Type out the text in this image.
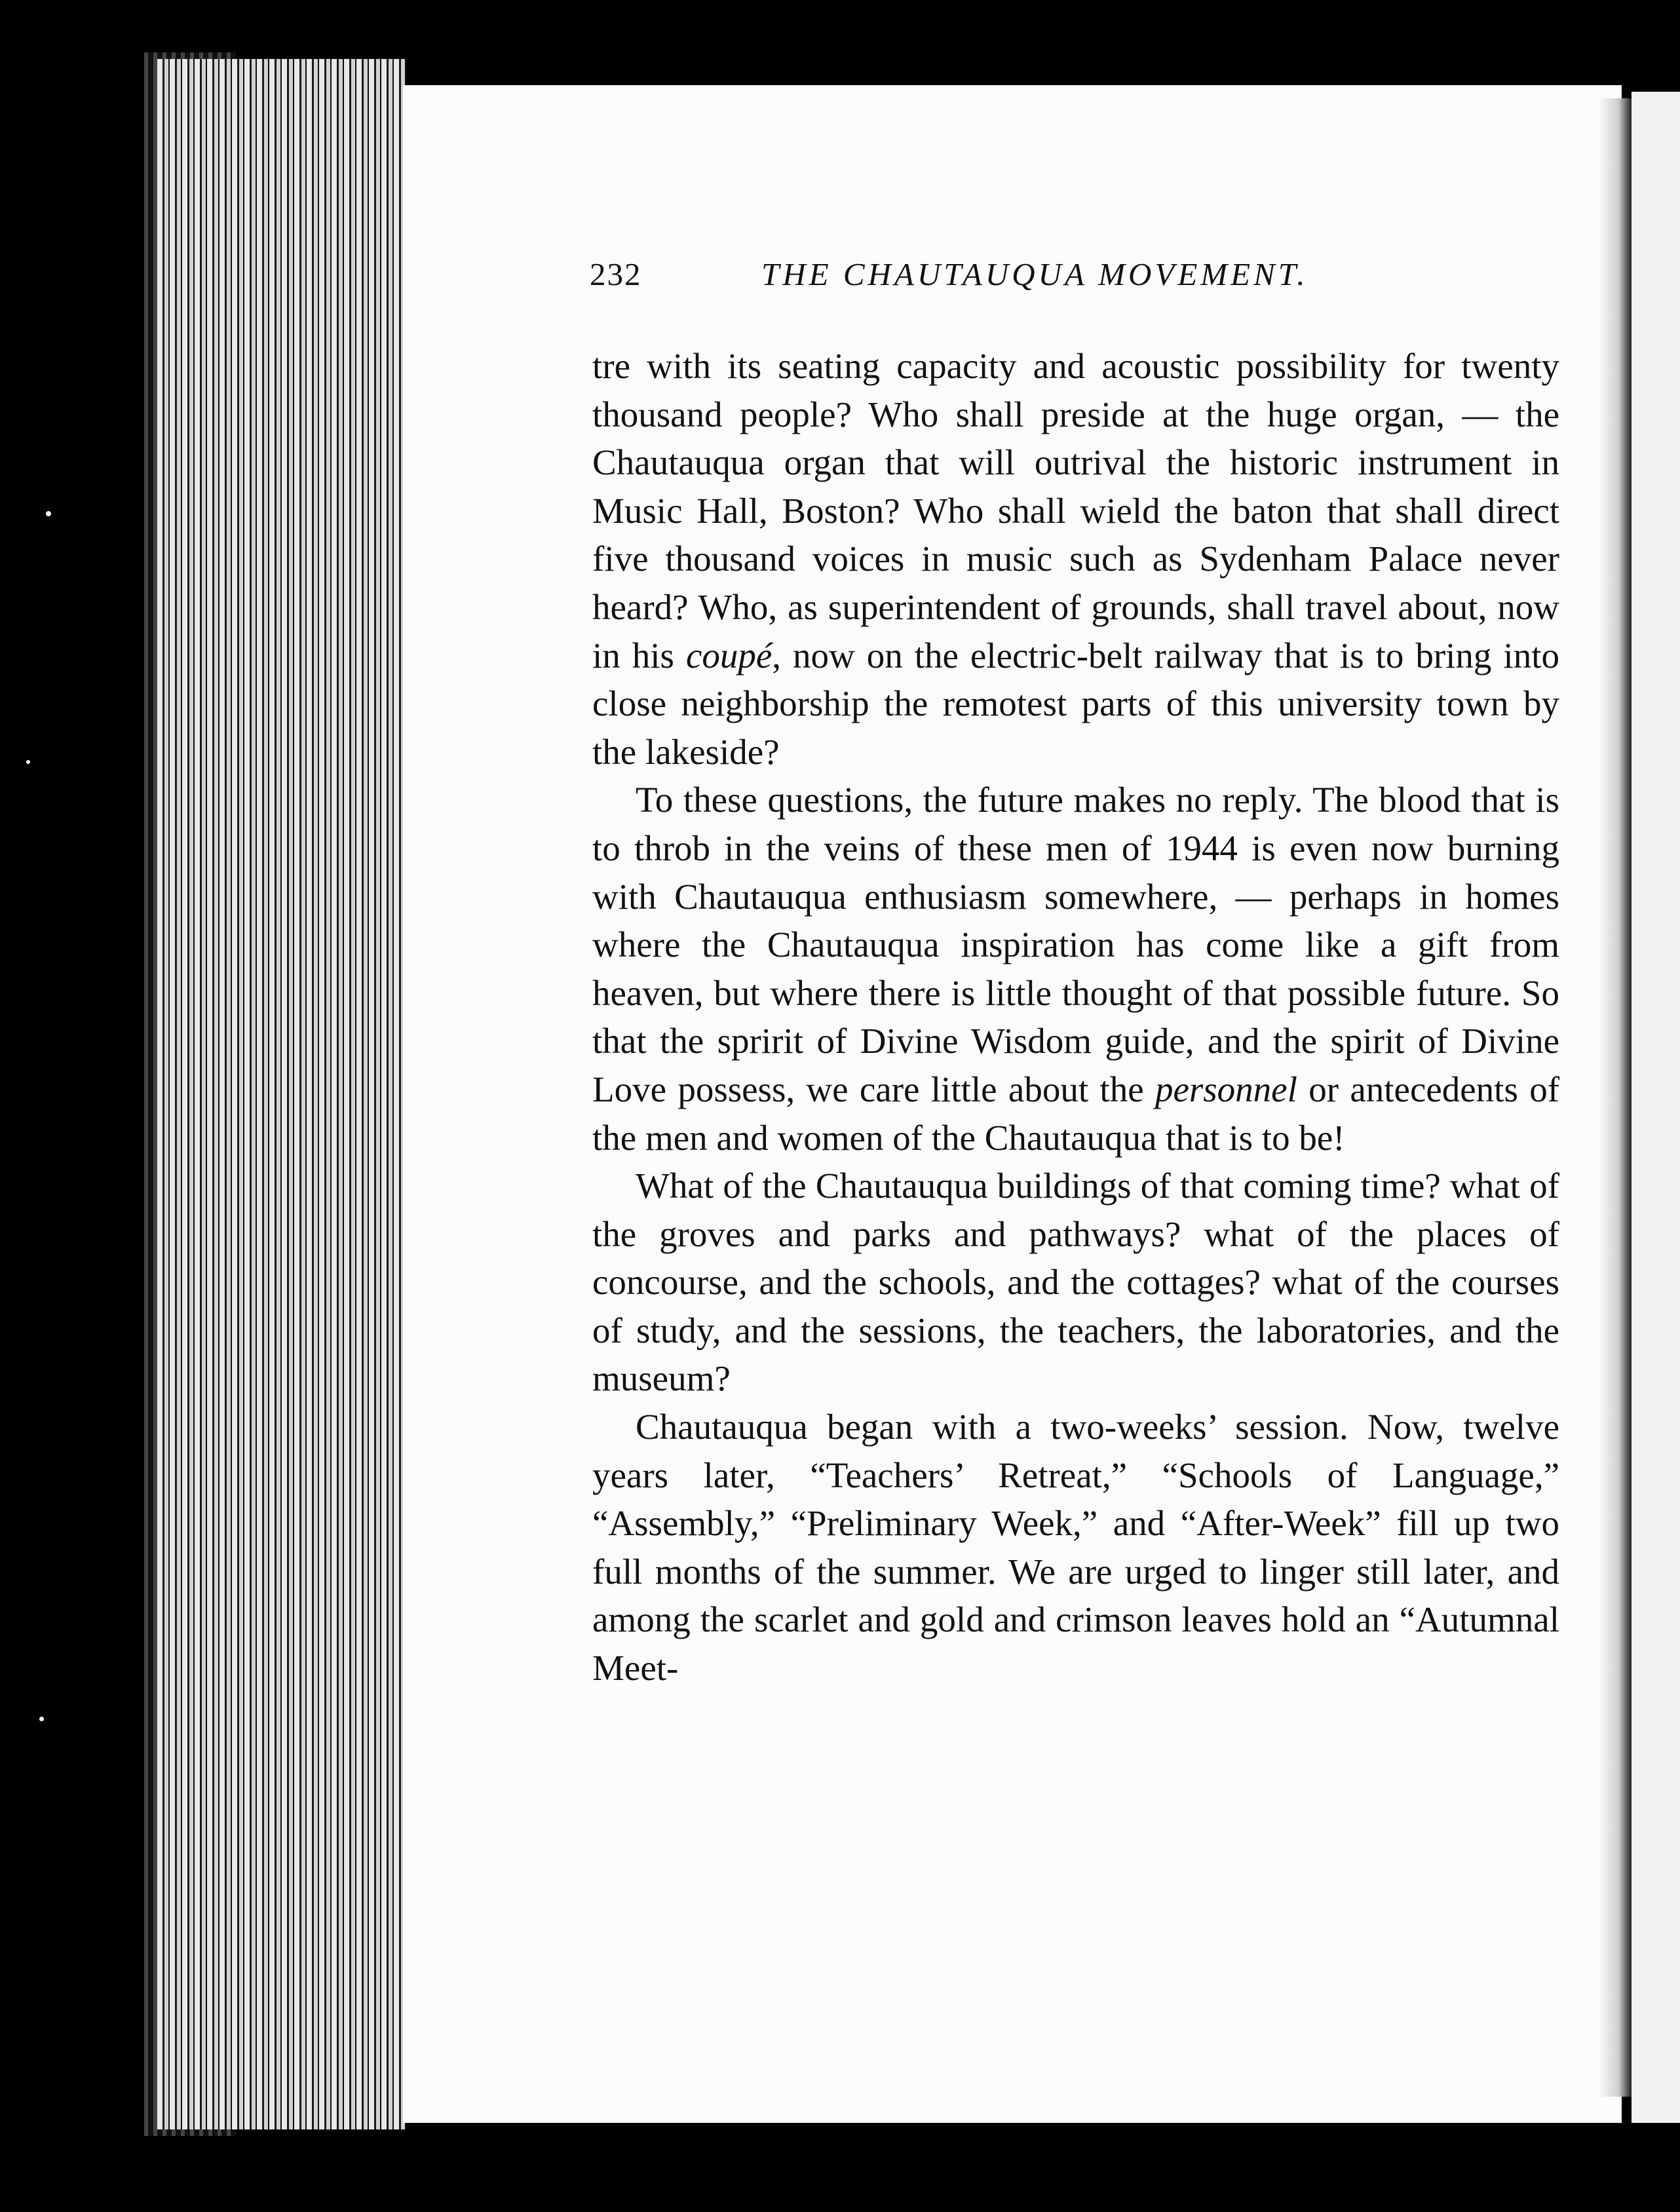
232	THE CHAUTAUQUA MOVEMENT.

tre with its seating capacity and acoustic possibility for twenty thousand people? Who shall preside at the huge organ, — the Chautauqua organ that will outrival the historic instrument in Music Hall, Boston? Who shall wield the baton that shall direct five thousand voices in music such as Sydenham Palace never heard? Who, as superintendent of grounds, shall travel about, now in his coupé, now on the electric-belt railway that is to bring into close neighborship the remotest parts of this university town by the lakeside?

To these questions, the future makes no reply. The blood that is to throb in the veins of these men of 1944 is even now burning with Chautauqua enthusiasm somewhere, — perhaps in homes where the Chautauqua inspiration has come like a gift from heaven, but where there is little thought of that possible future. So that the spririt of Divine Wisdom guide, and the spirit of Divine Love possess, we care little about the personnel or antecedents of the men and women of the Chautauqua that is to be!

What of the Chautauqua buildings of that coming time? what of the groves and parks and pathways? what of the places of concourse, and the schools, and the cottages? what of the courses of study, and the sessions, the teachers, the laboratories, and the museum?

Chautauqua began with a two-weeks’ session. Now, twelve years later, “Teachers’ Retreat,” “Schools of Language,” “Assembly,” “Preliminary Week,” and “After-Week” fill up two full months of the summer. We are urged to linger still later, and among the scarlet and gold and crimson leaves hold an “Autumnal Meet-
